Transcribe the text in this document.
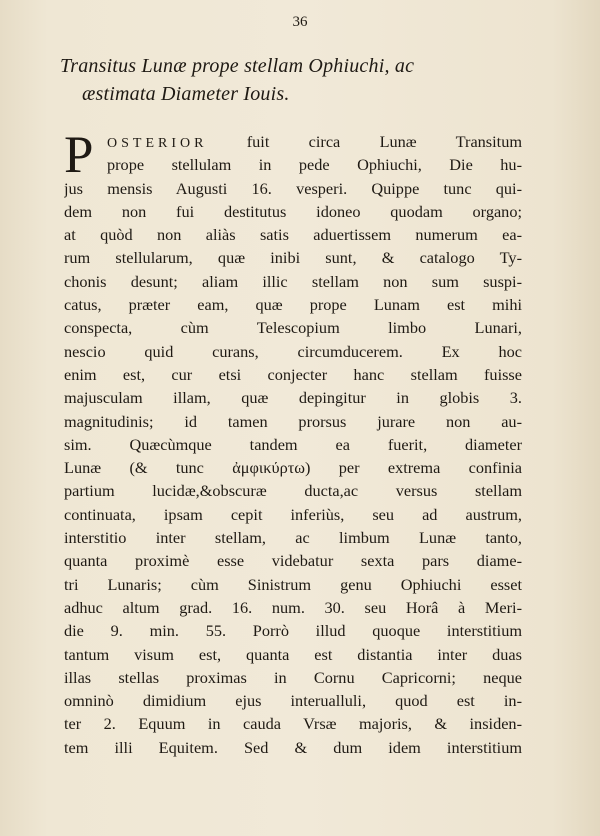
36
Transitus Lunæ prope stellam Ophiuchi, ac
æstimata Diameter Iouis.
P OSTERIOR fuit circa Lunæ Transitum
prope stellulam in pede Ophiuchi, Die hu-
jus mensis Augusti 16. vesperi. Quippe tunc qui-
dem non fui destitutus idoneo quodam organo;
at quòd non aliàs satis aduertissem numerum ea-
rum stellularum, quæ inibi sunt, & catalogo Ty-
chonis desunt; aliam illic stellam non sum suspi-
catus, præter eam, quæ prope Lunam est mihi
conspecta, cùm Telescopium limbo Lunari,
nescio quid curans, circumducerem. Ex hoc
enim est, cur etsi conjecter hanc stellam fuisse
majusculam illam, quæ depingitur in globis 3.
magnitudinis; id tamen prorsus jurare non au-
sim. Quæcùmque tandem ea fuerit, diameter
Lunæ (& tunc ἀμφικύρτω) per extrema confinia
partium lucidæ,&obscuræ ducta,ac versus stellam
continuata, ipsam cepit inferiùs, seu ad austrum,
interstitio inter stellam, ac limbum Lunæ tanto,
quanta proximè esse videbatur sexta pars diame-
tri Lunaris; cùm Sinistrum genu Ophiuchi esset
adhuc altum grad. 16. num. 30. seu Horâ à Meri-
die 9. min. 55. Porrò illud quoque interstitium
tantum visum est, quanta est distantia inter duas
illas stellas proximas in Cornu Capricorni; neque
omninò dimidium ejus interualluli, quod est in-
ter 2. Equum in cauda Vrsæ majoris, & insiden-
tem illi Equitem. Sed & dum idem interstitium
